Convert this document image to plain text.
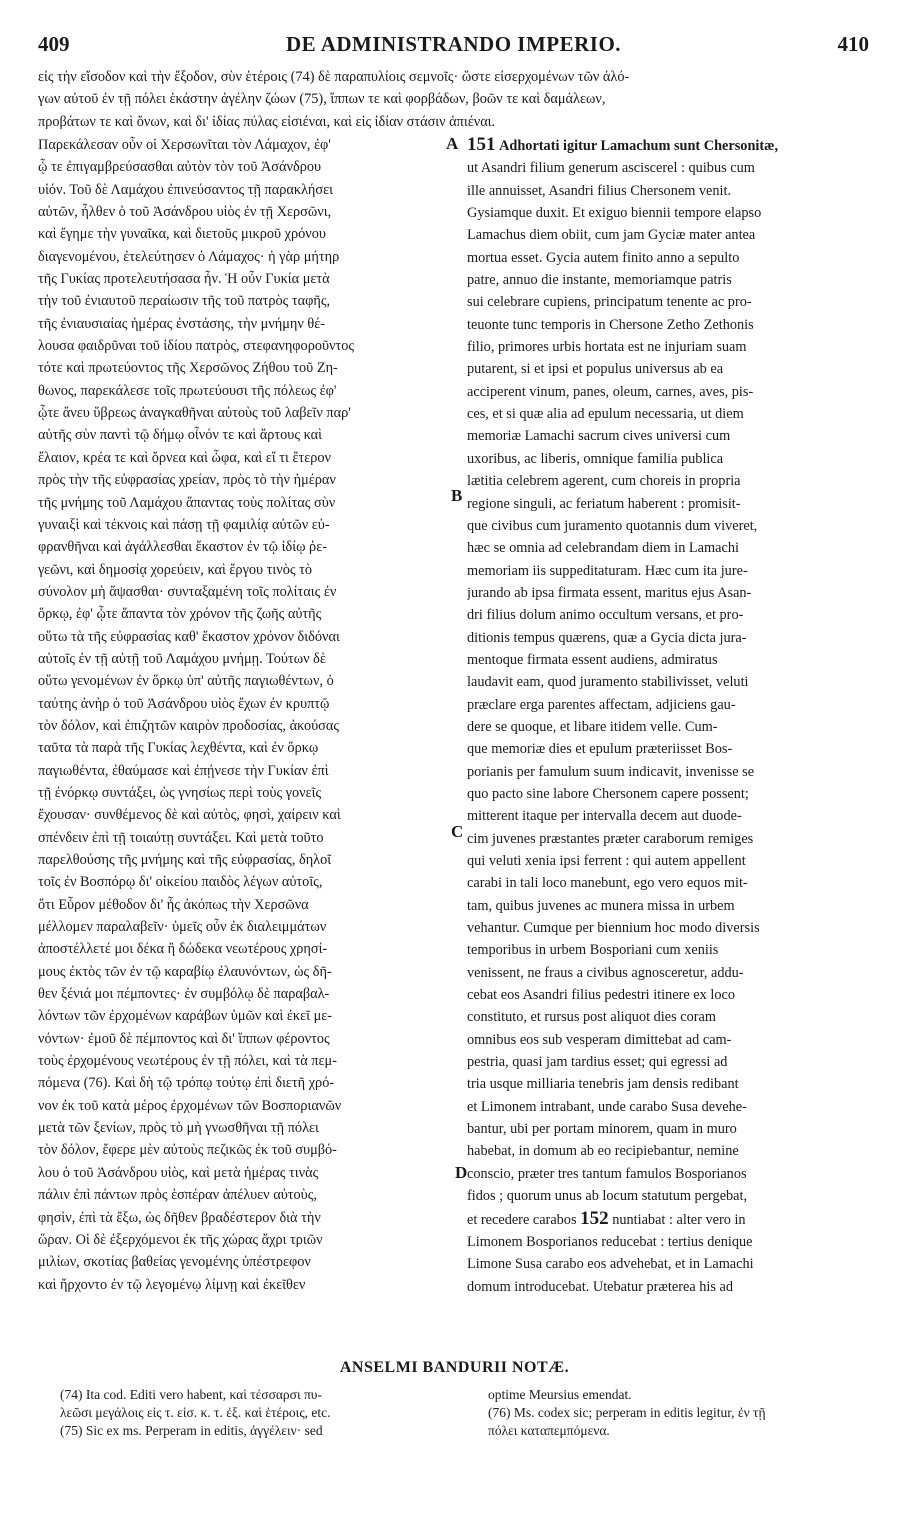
409	DE ADMINISTRANDO IMPERIO.	410
εἰς τὴν εἴσοδον καὶ τὴν ἔξοδον, σὺν ἑτέροις (74) δὲ παραπυλίοις σεμνοῖς· ὥστε εἰσερχομένων τῶν ἀλό-
γων αὐτοῦ ἐν τῇ πόλει ἑκάστην ἀγέλην ζώων (75), ἵππων τε καὶ φορβάδων, βοῶν τε καὶ δαμάλεων,
προβάτων τε καὶ ὄνων, καὶ δι' ἰδίας πύλας εἰσιέναι, καὶ εἰς ἰδίαν στάσιν ἀπιέναι.
Παρεκάλεσαν οὖν οἱ Χερσωνῖται τὸν Λάμαχον, ἐφ'
ᾧ τε ἐπιγαμβρεύσασθαι αὐτὸν τὸν τοῦ Ἀσάνδρου
υἱόν. Τοῦ δὲ Λαμάχου ἐπινεύσαντος τῇ παρακλήσει
αὐτῶν, ἦλθεν ὁ τοῦ Ἀσάνδρου υἱὸς ἐν τῇ Χερσῶνι,
καὶ ἔγημε τὴν γυναῖκα, καὶ διετοῦς μικροῦ χρόνου
διαγενομένου, ἐτελεύτησεν ὁ Λάμαχος· ἡ γὰρ μήτηρ
τῆς Γυκίας προτελευτήσασα ἦν. Ἡ οὖν Γυκία μετὰ
τὴν τοῦ ἐνιαυτοῦ περαίωσιν τῆς τοῦ πατρὸς ταφῆς,
τῆς ἐνιαυσιαίας ἡμέρας ἐνστάσης, τὴν μνήμην θέ-
λουσα φαιδρῦναι τοῦ ἰδίου πατρὸς, στεφανηφοροῦντος
τότε καὶ πρωτεύοντος τῆς Χερσῶνος Ζήθου τοῦ Ζη-
θωνος, παρεκάλεσε τοῖς πρωτεύουσι τῆς πόλεως ἐφ'
ᾧτε ἄνευ ὕβρεως ἀναγκαθῆναι αὐτοὺς τοῦ λαβεῖν παρ'
αὐτῆς σὺν παντὶ τῷ δήμῳ οἶνόν τε καὶ ἄρτους καὶ
ἔλαιον, κρέα τε καὶ ὄρνεα καὶ ὦφα, καὶ εἴ τι ἕτερον
πρὸς τὴν τῆς εὐφρασίας χρείαν, πρὸς τὸ τὴν ἡμέραν
τῆς μνήμης τοῦ Λαμάχου ἅπαντας τοὺς πολίτας σὺν
γυναιξὶ καὶ τέκνοις καὶ πάσῃ τῇ φαμιλίᾳ αὐτῶν εὐ-
φρανθῆναι καὶ ἀγάλλεσθαι ἕκαστον ἐν τῷ ἰδίῳ ῥε-
γεῶνι, καὶ δημοσίᾳ χορεύειν, καὶ ἔργου τινὸς τὸ
σύνολον μὴ ἅψασθαι· συνταξαμένη τοῖς πολίταις ἐν
ὅρκῳ, ἐφ' ᾧτε ἅπαντα τὸν χρόνον τῆς ζωῆς αὐτῆς
οὕτω τὰ τῆς εὐφρασίας καθ' ἕκαστον χρόνον διδόναι
αὐτοῖς ἐν τῇ αὐτῇ τοῦ Λαμάχου μνήμῃ. Τούτων δὲ
οὕτω γενομένων ἐν ὅρκῳ ὑπ' αὐτῆς παγιωθέντων, ὁ
ταύτης ἀνὴρ ὁ τοῦ Ἀσάνδρου υἱὸς ἔχων ἐν κρυπτῷ
τὸν δόλον, καὶ ἐπιζητῶν καιρὸν προδοσίας, ἀκούσας
ταῦτα τὰ παρὰ τῆς Γυκίας λεχθέντα, καὶ ἐν ὅρκῳ
παγιωθέντα, ἐθαύμασε καὶ ἐπῄνεσε τὴν Γυκίαν ἐπὶ
τῇ ἐνόρκῳ συντάξει, ὡς γνησίως περὶ τοὺς γονεῖς
ἔχουσαν· συνθέμενος δὲ καὶ αὐτὸς, φησὶ, χαίρειν καὶ
σπένδειν ἐπὶ τῇ τοιαύτῃ συντάξει. Καὶ μετὰ τοῦτο
παρελθούσης τῆς μνήμης καὶ τῆς εὐφρασίας, δηλοῖ
τοῖς ἐν Βοσπόρῳ δι' οἰκείου παιδὸς λέγων αὐτοῖς,
ὅτι Εὗρον μέθοδον δι' ἧς ἀκόπως τὴν Χερσῶνα
μέλλομεν παραλαβεῖν· ὑμεῖς οὖν ἐκ διαλειμμάτων
ἀποστέλλετέ μοι δέκα ἢ δώδεκα νεωτέρους χρησί-
μους ἐκτὸς τῶν ἐν τῷ καραβίῳ ἐλαυνόντων, ὡς δῆ-
θεν ξένιά μοι πέμποντες· ἐν συμβόλῳ δὲ παραβαλ-
λόντων τῶν ἐρχομένων καράβων ὑμῶν καὶ ἐκεῖ με-
νόντων· ἐμοῦ δὲ πέμποντος καὶ δι' ἵππων φέροντος
τοὺς ἐρχομένους νεωτέρους ἐν τῇ πόλει, καὶ τὰ πεμ-
πόμενα (76). Καὶ δὴ τῷ τρόπῳ τούτῳ ἐπὶ διετῆ χρό-
νον ἐκ τοῦ κατὰ μέρος ἐρχομένων τῶν Βοσποριανῶν
μετὰ τῶν ξενίων, πρὸς τὸ μὴ γνωσθῆναι τῇ πόλει
τὸν δόλον, ἔφερε μὲν αὐτοὺς πεζικῶς ἐκ τοῦ συμβό-
λου ὁ τοῦ Ἀσάνδρου υἱὸς, καὶ μετὰ ἡμέρας τινὰς
πάλιν ἐπὶ πάντων πρὸς ἑσπέραν ἀπέλυεν αὐτοὺς,
φησὶν, ἐπὶ τὰ ἔξω, ὡς δῆθεν βραδέστερον διὰ τὴν
ὥραν. Οἱ δὲ ἐξερχόμενοι ἐκ τῆς χώρας ἄχρι τριῶν
μιλίων, σκοτίας βαθείας γενομένης ὑπέστρεφον
καὶ ἤρχοντο ἐν τῷ λεγομένῳ λίμνῃ καὶ ἐκεῖθεν
A
B
C
D
151 Adhortati igitur Lamachum sunt Chersonitæ,
ut Asandri filium generum asciscerel : quibus cum
ille annuisset, Asandri filius Chersonem venit.
Gysiamque duxit. Et exiguo biennii tempore elapso
Lamachus diem obiit, cum jam Gyciæ mater antea
mortua esset. Gycia autem finito anno a sepulto
patre, annuo die instante, memoriamque patris
sui celebrare cupiens, principatum tenente ac pro-
teuonte tunc temporis in Chersone Zetho Zethonis
filio, primores urbis hortata est ne injuriam suam
putarent, si et ipsi et populus universus ab ea
acciperent vinum, panes, oleum, carnes, aves, pis-
ces, et si quæ alia ad epulum necessaria, ut diem
memoriæ Lamachi sacrum cives universi cum
uxoribus, ac liberis, omnique familia publica
lætitia celebrem agerent, cum choreis in propria
regione singuli, ac feriatum haberent : promisit-
que civibus cum juramento quotannis dum viveret,
hæc se omnia ad celebrandam diem in Lamachi
memoriam iis suppeditaturam. Hæc cum ita jure-
jurando ab ipsa firmata essent, maritus ejus Asan-
dri filius dolum animo occultum versans, et pro-
ditionis tempus quærens, quæ a Gycia dicta jura-
mentoque firmata essent audiens, admiratus
laudavit eam, quod juramento stabilivisset, veluti
præclare erga parentes affectam, adjiciens gau-
dere se quoque, et libare itidem velle. Cum-
que memoriæ dies et epulum præteriisset Bos-
porianis per famulum suum indicavit, invenisse se
quo pacto sine labore Chersonem capere possent;
mitterent itaque per intervalla decem aut duode-
cim juvenes præstantes præter caraborum remiges
qui veluti xenia ipsi ferrent : qui autem appellent
carabi in tali loco manebunt, ego vero equos mit-
tam, quibus juvenes ac munera missa in urbem
vehantur. Cumque per biennium hoc modo diversis
temporibus in urbem Bosporiani cum xeniis
venissent, ne fraus a civibus agnosceretur, addu-
cebat eos Asandri filius pedestri itinere ex loco
constituto, et rursus post aliquot dies coram
omnibus eos sub vesperam dimittebat ad cam-
pestria, quasi jam tardius esset; qui egressi ad
tria usque milliaria tenebris jam densis redibant
et Limonem intrabant, unde carabo Susa devehe-
bantur, ubi per portam minorem, quam in muro
habebat, in domum ab eo recipiebantur, nemine
conscio, præter tres tantum famulos Bosporianos
fidos ; quorum unus ab locum statutum pergebat,
et recedere carabos 152 nuntiabat : alter vero in
Limonem Bosporianos reducebat : tertius denique
Limone Susa carabo eos advehebat, et in Lamachi
domum introducebat. Utebatur præterea his ad
ANSELMI BANDURII NOTÆ.
(74) Ita cod. Editi vero habent, καὶ τέσσαρσι πυ-
λεῶσι μεγάλοις εἰς τ. εἰσ. κ. τ. ἐξ. καὶ ἑτέροις, etc.
(75) Sic ex ms. Perperam in editis, ἀγγέλειν· sed
optime Meursius emendat.
(76) Ms. codex sic; perperam in editis legitur, ἐν τῇ
πόλει καταπεμπόμενα.
